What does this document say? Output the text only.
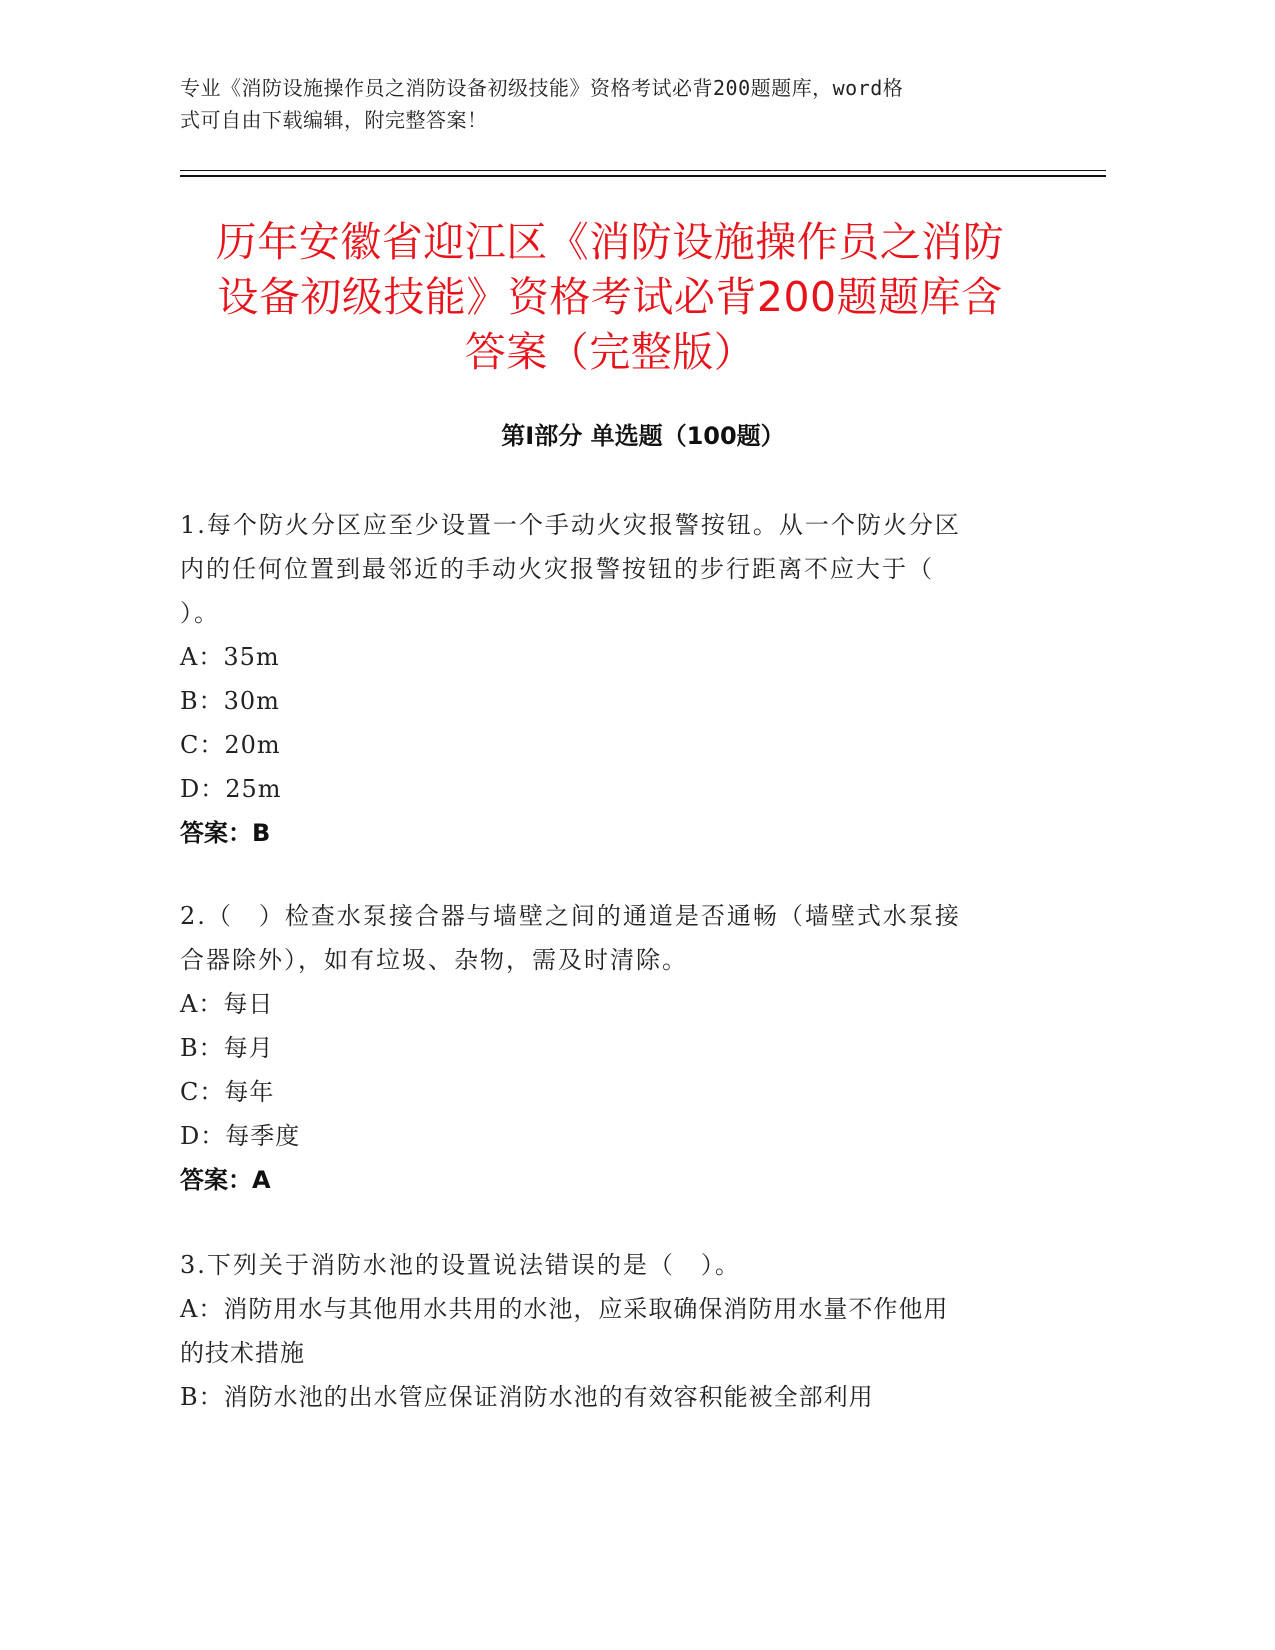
专业《消防设施操作员之消防设备初级技能》资格考试必背200题题库，word格
式可自由下载编辑，附完整答案！
历年安徽省迎江区《消防设施操作员之消防
设备初级技能》资格考试必背200题题库含
答案（完整版）
第Ⅰ部分 单选题（100题）
1.每个防火分区应至少设置一个手动火灾报警按钮。从一个防火分区
内的任何位置到最邻近的手动火灾报警按钮的步行距离不应大于（
）。
A：35m
B：30m
C：20m
D：25m
答案：B
2.（　）检查水泵接合器与墙壁之间的通道是否通畅（墙壁式水泵接
合器除外），如有垃圾、杂物，需及时清除。
A：每日
B：每月
C：每年
D：每季度
答案：A
3.下列关于消防水池的设置说法错误的是（　）。
A：消防用水与其他用水共用的水池，应采取确保消防用水量不作他用
的技术措施
B：消防水池的出水管应保证消防水池的有效容积能被全部利用
